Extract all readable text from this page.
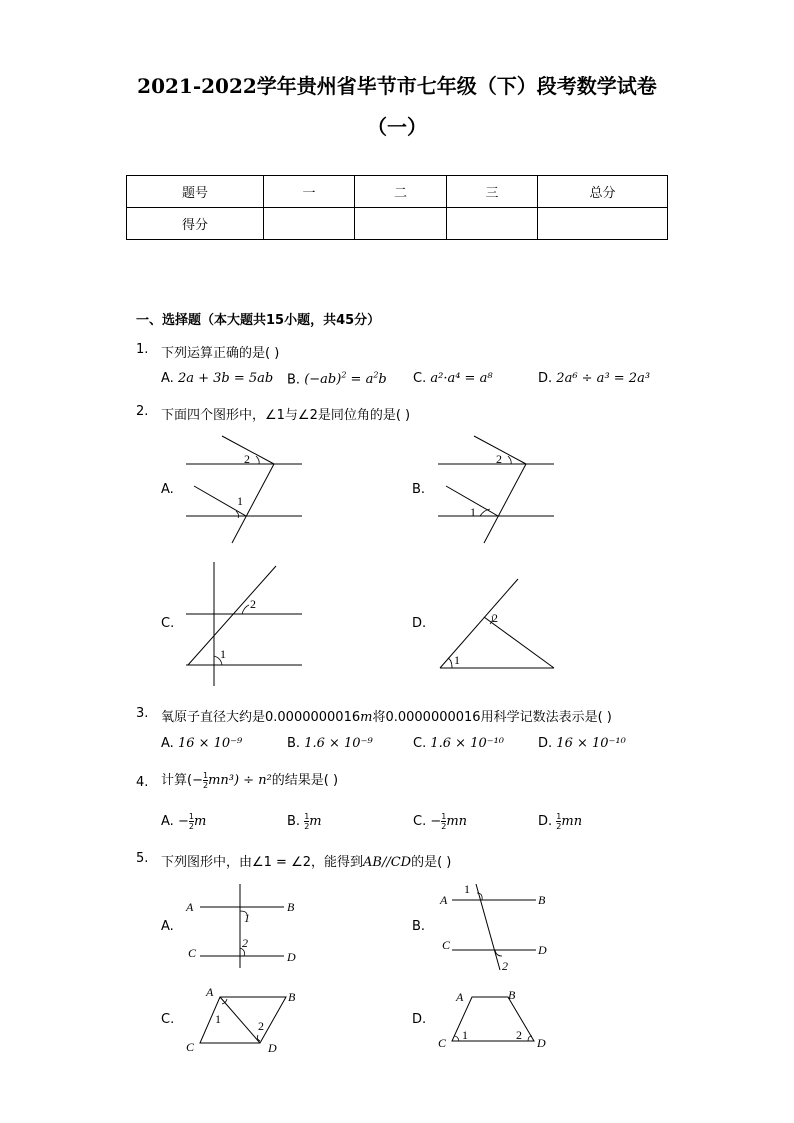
2021-2022学年贵州省毕节市七年级（下）段考数学试卷
（一）
题号	一	二	三	总分
得分				
一、选择题（本大题共15小题，共45分）
1. 下列运算正确的是( )
A. 2a + 3b = 5ab B. $(-ab)^2 = a^2b$ C. a²·a⁴ = a⁸	D. 2a⁶ ÷ a³ = 2a³
2. 下面四个图形中，∠1与∠2是同位角的是( )
A.
2
1
B.
2
1
C.
2
1
D.
1
2
3. 氧原子直径大约是0.0000000016m将0.0000000016用科学记数法表示是( )
A. 16 × 10⁻⁹	B. 1.6 × 10⁻⁹	C. 1.6 × 10⁻¹⁰	D. 16 × 10⁻¹⁰
4. 计算(− $\frac{1}{2} mn^3) \div n^2$的结果是( )
A. − $\frac{1}{2}$ m	B. $\frac{1}{2}$ m	C. − $\frac{1}{2}$ mn	D. $\frac{1}{2}$ mn
5. 下列图形中，由∠1 = ∠2，能得到AB//CD的是( )
A.
A	B
C	D
1
2
B.
A	B
C	D
1
2
C.
A	B
C	D
1	2	D.
A	B
C	D
1	2
